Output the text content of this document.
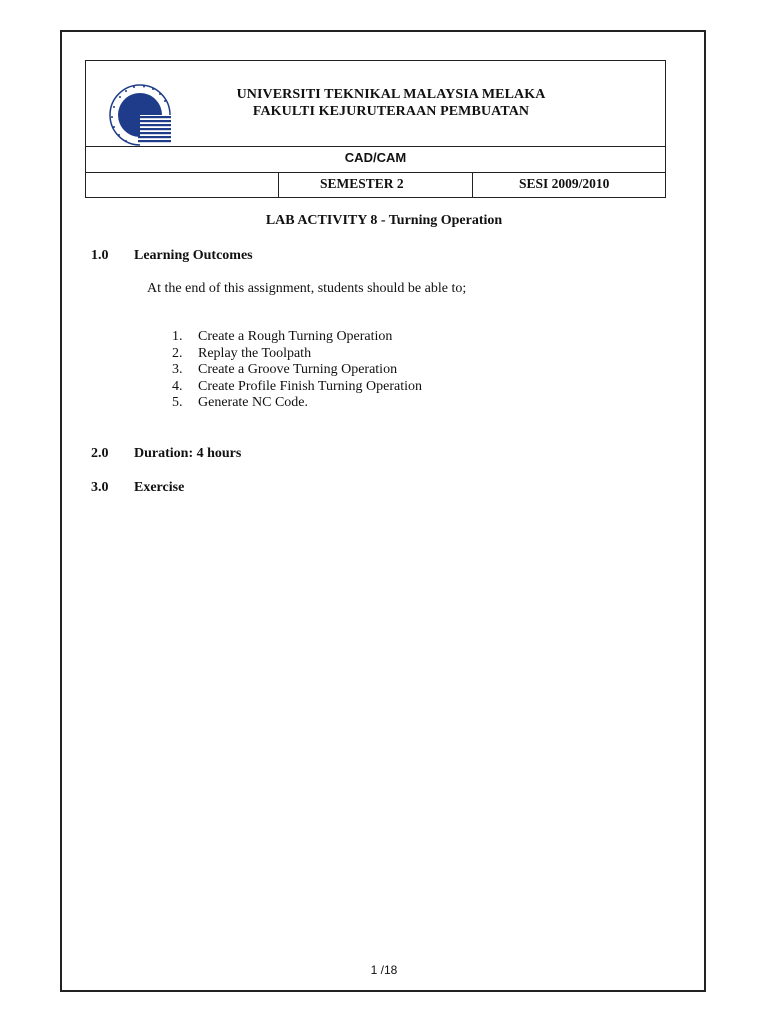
UNIVERSITI TEKNIKAL MALAYSIA MELAKA
FAKULTI KEJURUTERAAN PEMBUATAN
CAD/CAM
SEMESTER 2	SESI 2009/2010
LAB ACTIVITY 8 - Turning Operation
1.0 Learning Outcomes
At the end of this assignment, students should be able to;
1. Create a Rough Turning Operation
2. Replay the Toolpath
3. Create a Groove Turning Operation
4. Create Profile Finish Turning Operation
5. Generate NC Code.
2.0 Duration: 4 hours
3.0 Exercise
1 /18
